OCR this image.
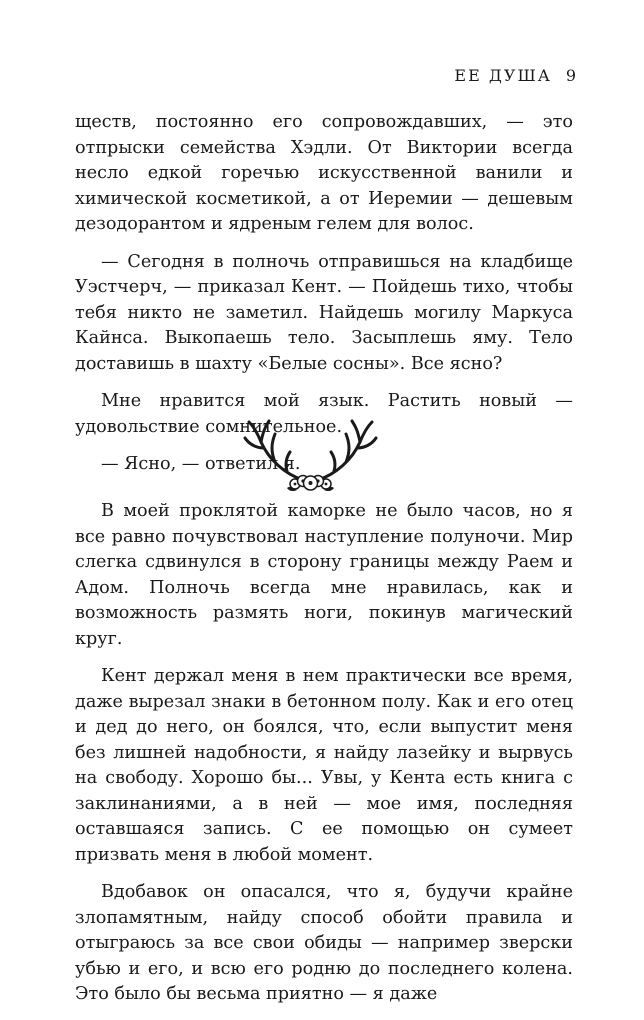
ЕЕ ДУША 9

ществ, постоянно его сопровождавших, — это отпрыски семейства Хэдли. От Виктории всегда несло едкой горечью искусственной ванили и химической косметикой, а от Иеремии — дешевым дезодорантом и ядреным гелем для волос.

— Сегодня в полночь отправишься на кладбище Уэстчерч, — приказал Кент. — Пойдешь тихо, чтобы тебя никто не заметил. Найдешь могилу Маркуса Кайнса. Выкопаешь тело. Засыплешь яму. Тело доставишь в шахту «Белые сосны». Все ясно?

Мне нравится мой язык. Растить новый — удовольствие сомнительное.

— Ясно, — ответил я.

В моей проклятой каморке не было часов, но я все равно почувствовал наступление полуночи. Мир слегка сдвинулся в сторону границы между Раем и Адом. Полночь всегда мне нравилась, как и возможность размять ноги, покинув магический круг.

Кент держал меня в нем практически все время, даже вырезал знаки в бетонном полу. Как и его отец и дед до него, он боялся, что, если выпустит меня без лишней надобности, я найду лазейку и вырвусь на свободу. Хорошо бы... Увы, у Кента есть книга с заклинаниями, а в ней — мое имя, последняя оставшаяся запись. С ее помощью он сумеет призвать меня в любой момент.

Вдобавок он опасался, что я, будучи крайне злопамятным, найду способ обойти правила и отыграюсь за все свои обиды — например зверски убью и его, и всю его родню до последнего колена. Это было бы весьма приятно — я даже
